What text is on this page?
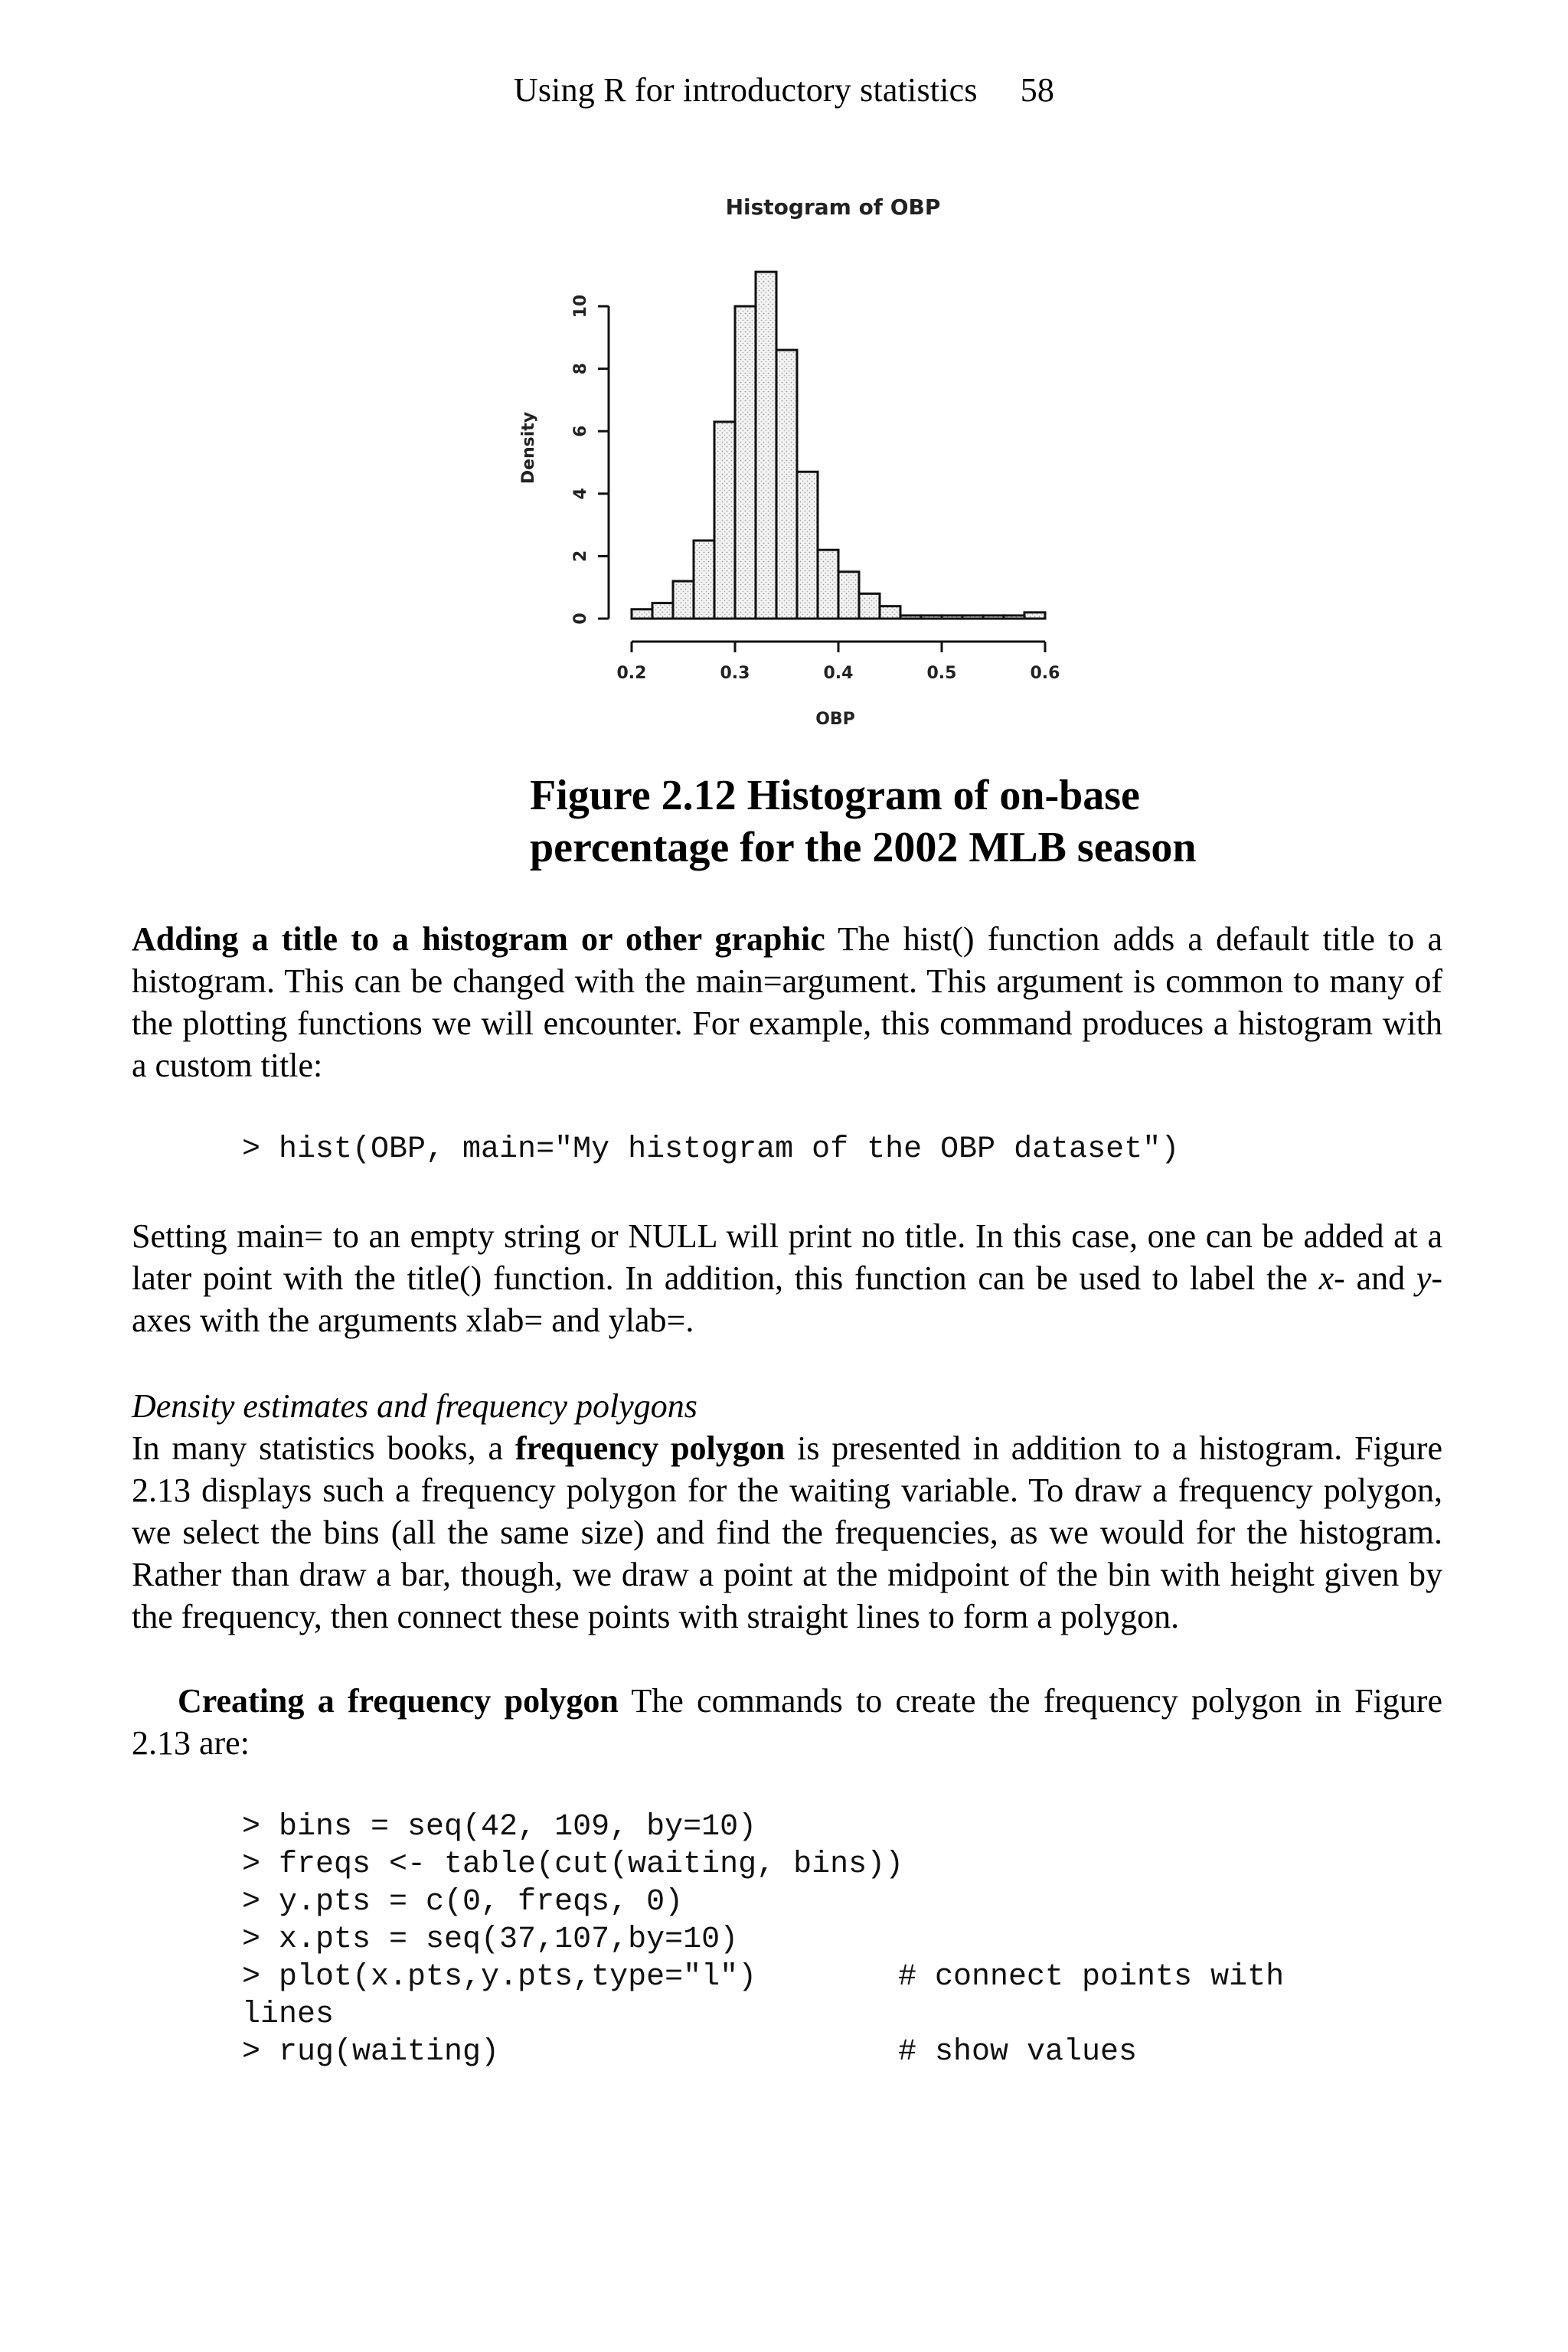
Using R for introductory statistics 58
Histogram of OBP
0.2	0.3	0.4	0.5	0.6
0
2
4
6
8
10
OBP
Density
Figure 2.12 Histogram of on-base
percentage for the 2002 MLB season
Adding a title to a histogram or other graphic The hist() function adds a default title to a histogram. This can be changed with the main=argument. This argument is common to many of the plotting functions we will encounter. For example, this command produces a histogram with a custom title:
> hist(OBP, main="My histogram of the OBP dataset")
Setting main= to an empty string or NULL will print no title. In this case, one can be added at a later point with the title() function. In addition, this function can be used to label the x- and y-axes with the arguments xlab= and ylab=.
Density estimates and frequency polygons
In many statistics books, a frequency polygon is presented in addition to a histogram. Figure 2.13 displays such a frequency polygon for the waiting variable. To draw a frequency polygon, we select the bins (all the same size) and find the frequencies, as we would for the histogram. Rather than draw a bar, though, we draw a point at the midpoint of the bin with height given by the frequency, then connect these points with straight lines to form a polygon.
Creating a frequency polygon The commands to create the frequency polygon in Figure 2.13 are:
> bins = seq(42, 109, by=10)
> freqs <- table(cut(waiting, bins))
> y.pts = c(0, freqs, 0)
> x.pts = seq(37,107,by=10)
> plot(x.pts,y.pts,type="l")	# connect points with
lines
> rug(waiting)	# show values
